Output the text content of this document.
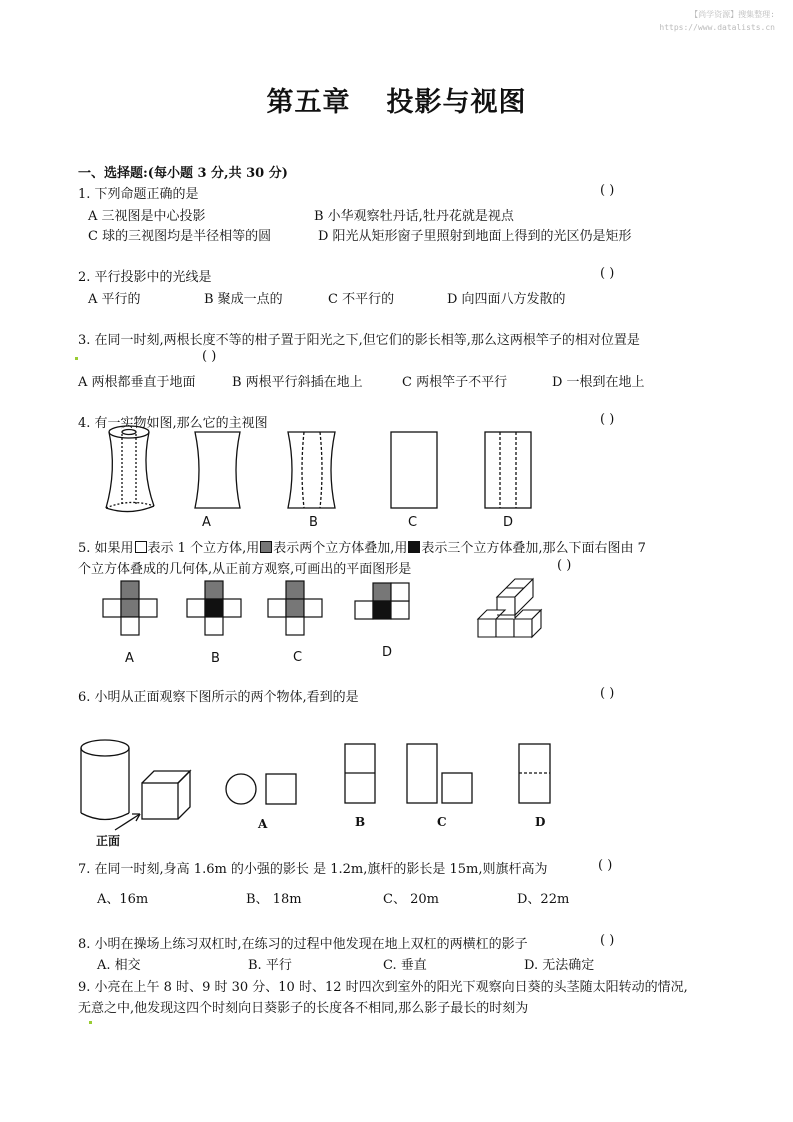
【尚学资源】搜集整理:
https://www.datalists.cn
第五章 投影与视图
一、选择题:(每小题 3 分,共 30 分)
1. 下列命题正确的是	( )
A 三视图是中心投影	B 小华观察牡丹话,牡丹花就是视点
C 球的三视图均是半径相等的圆	D 阳光从矩形窗子里照射到地面上得到的光区仍是矩形
2. 平行投影中的光线是	( )
A 平行的	B 聚成一点的	C 不平行的	D 向四面八方发散的
3. 在同一时刻,两根长度不等的柑子置于阳光之下,但它们的影长相等,那么这两根竿子的相对位置是
( )
A 两根都垂直于地面	B 两根平行斜插在地上	C 两根竿子不平行	D 一根到在地上
4. 有一实物如图,那么它的主视图	( )
A	B	C	D
5. 如果用 表示 1 个立方体,用 表示两个立方体叠加,用 表示三个立方体叠加,那么下面右图由 7
个立方体叠成的几何体,从正前方观察,可画出的平面图形是	( )
A	B	C	D
6. 小明从正面观察下图所示的两个物体,看到的是	( )
正面
A	B	C	D
7. 在同一时刻,身高 1.6m 的小强的影长 是 1.2m,旗杆的影长是 15m,则旗杆高为	( )
A、16m	B、 18m	C、 20m	D、22m
8. 小明在操场上练习双杠时,在练习的过程中他发现在地上双杠的两横杠的影子	( )
A. 相交	B. 平行	C. 垂直	D. 无法确定
9. 小亮在上午 8 时、9 时 30 分、10 时、12 时四次到室外的阳光下观察向日葵的头茎随太阳转动的情况,
无意之中,他发现这四个时刻向日葵影子的长度各不相同,那么影子最长的时刻为
